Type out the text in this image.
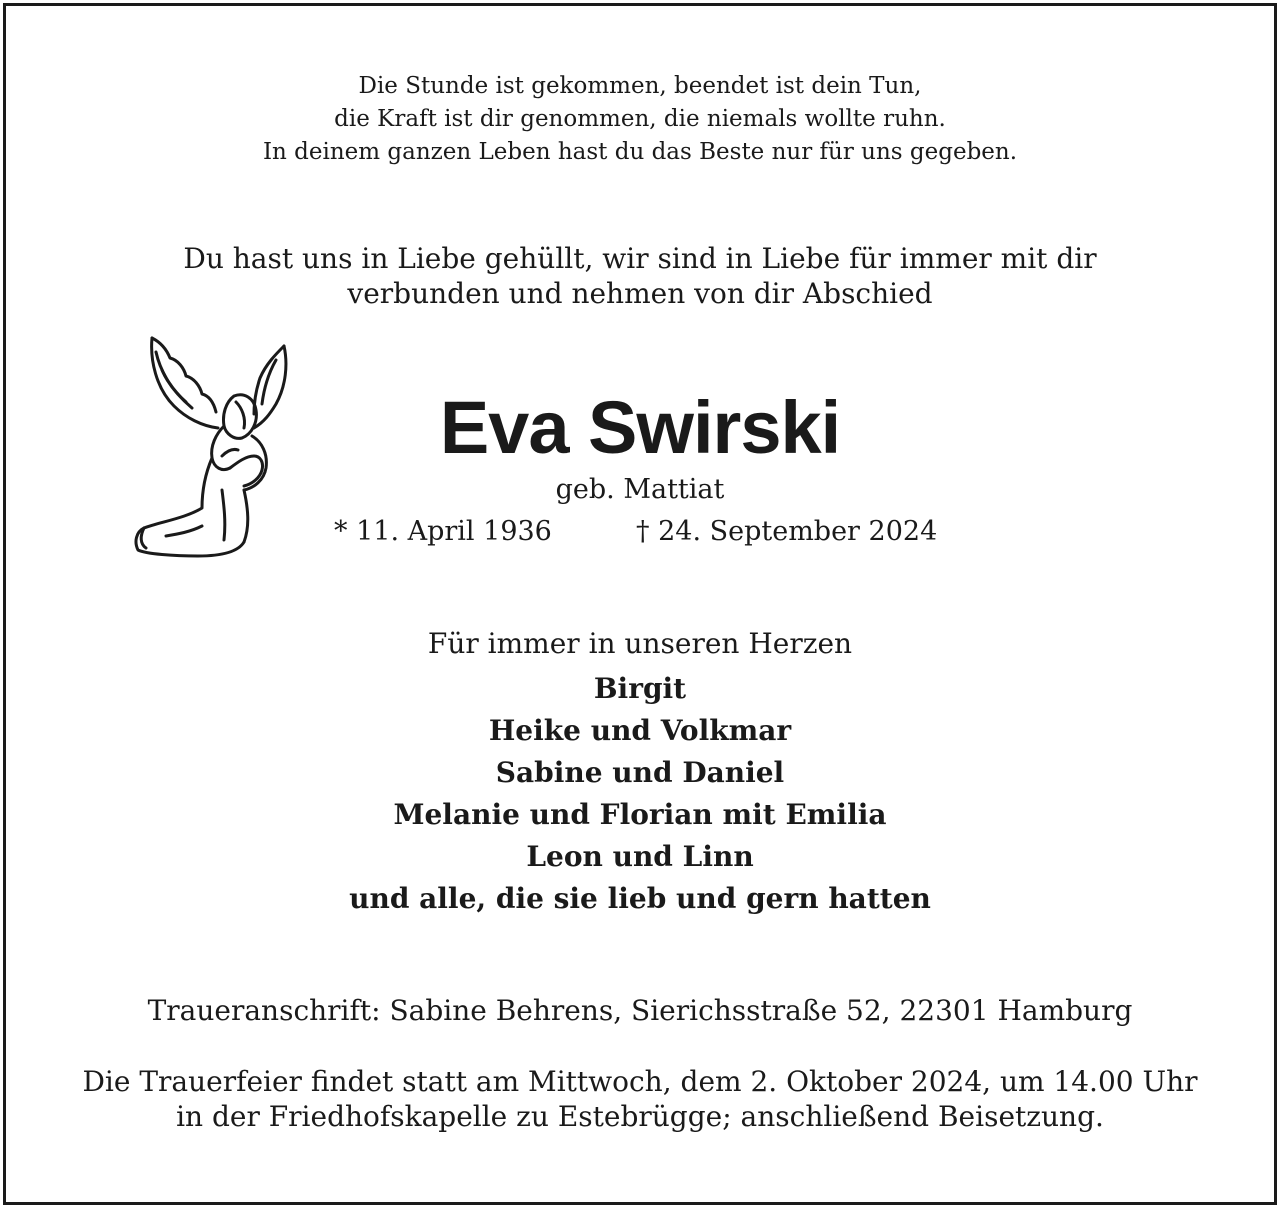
Die Stunde ist gekommen, beendet ist dein Tun,
die Kraft ist dir genommen, die niemals wollte ruhn.
In deinem ganzen Leben hast du das Beste nur für uns gegeben.
Du hast uns in Liebe gehüllt, wir sind in Liebe für immer mit dir
verbunden und nehmen von dir Abschied
Eva Swirski
geb. Mattiat
* 11. April 1936	† 24. September 2024
Für immer in unseren Herzen
Birgit
Heike und Volkmar
Sabine und Daniel
Melanie und Florian mit Emilia
Leon und Linn
und alle, die sie lieb und gern hatten
Traueranschrift: Sabine Behrens, Sierichsstraße 52, 22301 Hamburg
Die Trauerfeier findet statt am Mittwoch, dem 2. Oktober 2024, um 14.00 Uhr
in der Friedhofskapelle zu Estebrügge; anschließend Beisetzung.
